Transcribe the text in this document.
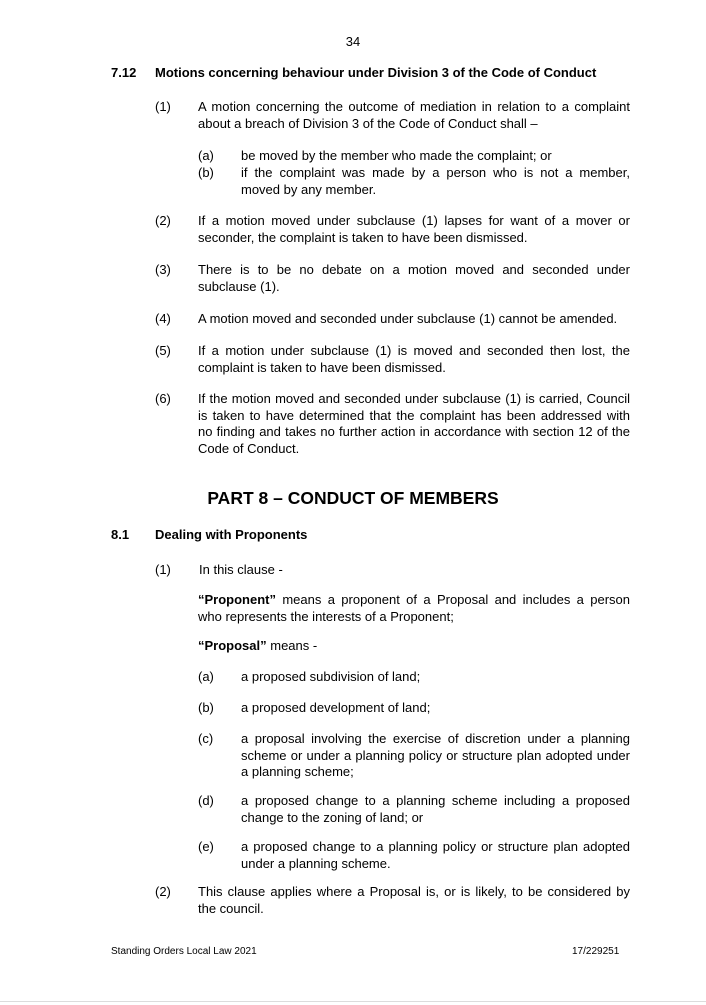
34
7.12 Motions concerning behaviour under Division 3 of the Code of Conduct
(1) A motion concerning the outcome of mediation in relation to a complaint about a breach of Division 3 of the Code of Conduct shall –
(a) be moved by the member who made the complaint; or
(b) if the complaint was made by a person who is not a member, moved by any member.
(2) If a motion moved under subclause (1) lapses for want of a mover or seconder, the complaint is taken to have been dismissed.
(3) There is to be no debate on a motion moved and seconded under subclause (1).
(4) A motion moved and seconded under subclause (1) cannot be amended.
(5) If a motion under subclause (1) is moved and seconded then lost, the complaint is taken to have been dismissed.
(6) If the motion moved and seconded under subclause (1) is carried, Council is taken to have determined that the complaint has been addressed with no finding and takes no further action in accordance with section 12 of the Code of Conduct.
PART 8 – CONDUCT OF MEMBERS
8.1 Dealing with Proponents
(1) In this clause -
“Proponent” means a proponent of a Proposal and includes a person who represents the interests of a Proponent;
“Proposal” means -
(a) a proposed subdivision of land;
(b) a proposed development of land;
(c) a proposal involving the exercise of discretion under a planning scheme or under a planning policy or structure plan adopted under a planning scheme;
(d) a proposed change to a planning scheme including a proposed change to the zoning of land; or
(e) a proposed change to a planning policy or structure plan adopted under a planning scheme.
(2) This clause applies where a Proposal is, or is likely, to be considered by the council.
Standing Orders Local Law 2021	17/229251
